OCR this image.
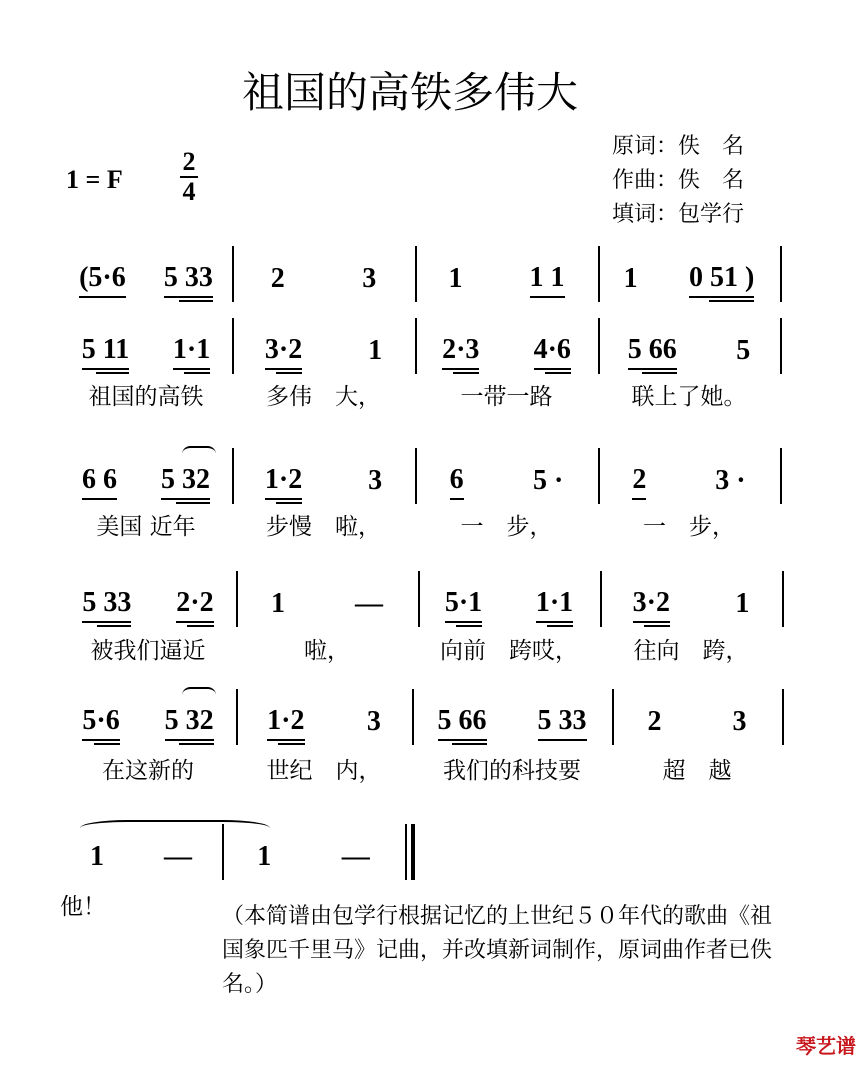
祖国的高铁多伟大
1 = F
2
4
原词： 佚　名
作曲： 佚　名
填词： 包学行
(5·6 5 33 2	3	1 1 1 1 0 51 )
5 11 1·1 3·2 1 2·3 4·6 5 66 5
祖国的高铁	多伟　大，	一带一路	联上了她。
6 6 5 32 1·2 3 6 5 · 2 3 ·
美国 近年	步慢　啦，	一　步，	一　步，
5 33 2·2 1	— 5·1 1·1 3·2 1
被我们逼近	啦，	向前　跨哎，	往向　跨，
5·6 5 32 1·2 3 5 66 5 33 2	3
在这新的	世纪　内，	我们的科技要	超　越
1 — 1	—
他！	（本简谱由包学行根据记忆的上世纪５０年代的歌曲《祖国象匹千里马》记曲，并改填新词制作，原词曲作者已佚名。）
琴艺谱
